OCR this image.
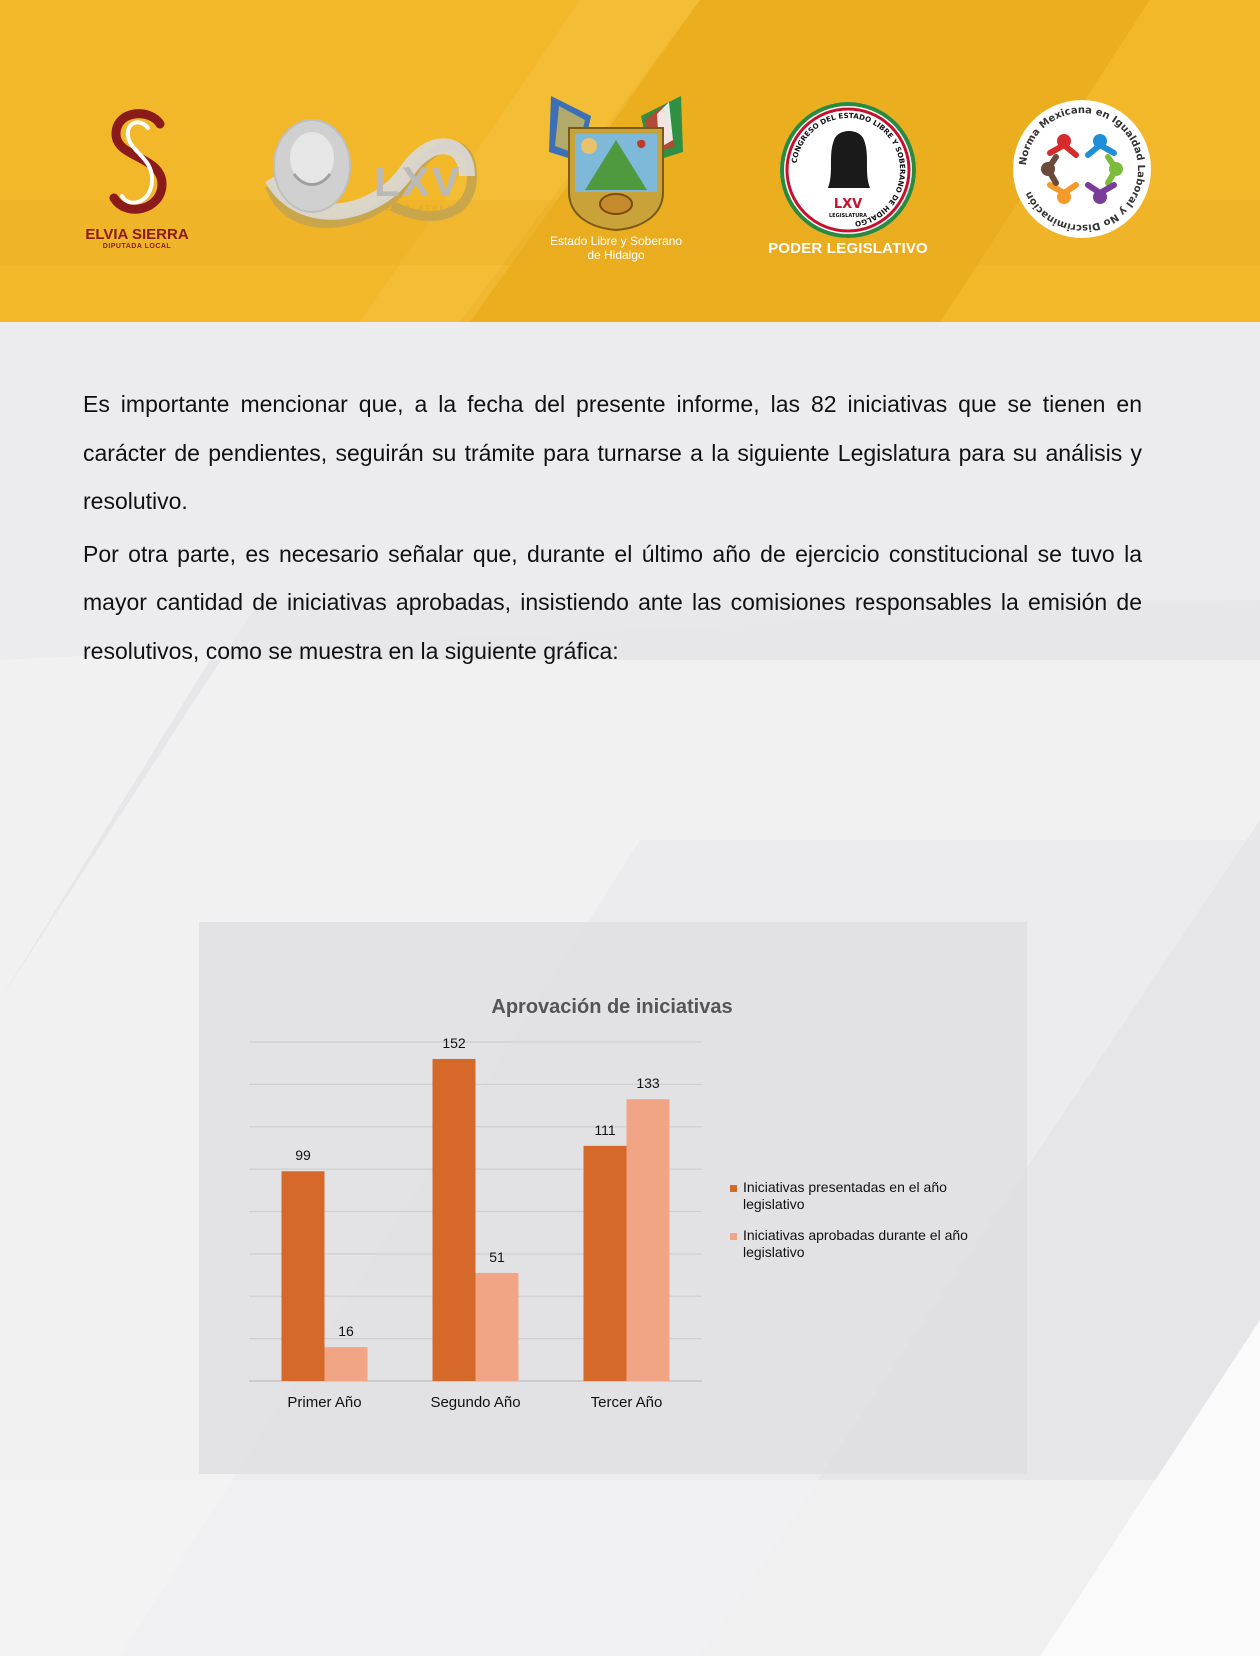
ELVIA SIERRA
DIPUTADA LOCAL
LXV
LEGISLATURA
Estado Libre y Soberano
de Hidalgo
CONGRESO DEL ESTADO LIBRE Y SOBERANO DE HIDALGO
LXV
LEGISLATURA
PODER LEGISLATIVO
Norma Mexicana en Igualdad Laboral y No Discriminación

Es importante mencionar que, a la fecha del presente informe, las 82 iniciativas que se tienen en carácter de pendientes, seguirán su trámite para turnarse a la siguiente Legislatura para su análisis y resolutivo.

Por otra parte, es necesario señalar que, durante el último año de ejercicio constitucional se tuvo la mayor cantidad de iniciativas aprobadas, insistiendo ante las comisiones responsables la emisión de resolutivos, como se muestra en la siguiente gráfica:

Aprovación de iniciativas
99
16
Primer Año
152
51
Segundo Año
111
133
Tercer Año
Iniciativas presentadas en el año legislativo
Iniciativas aprobadas durante el año legislativo
